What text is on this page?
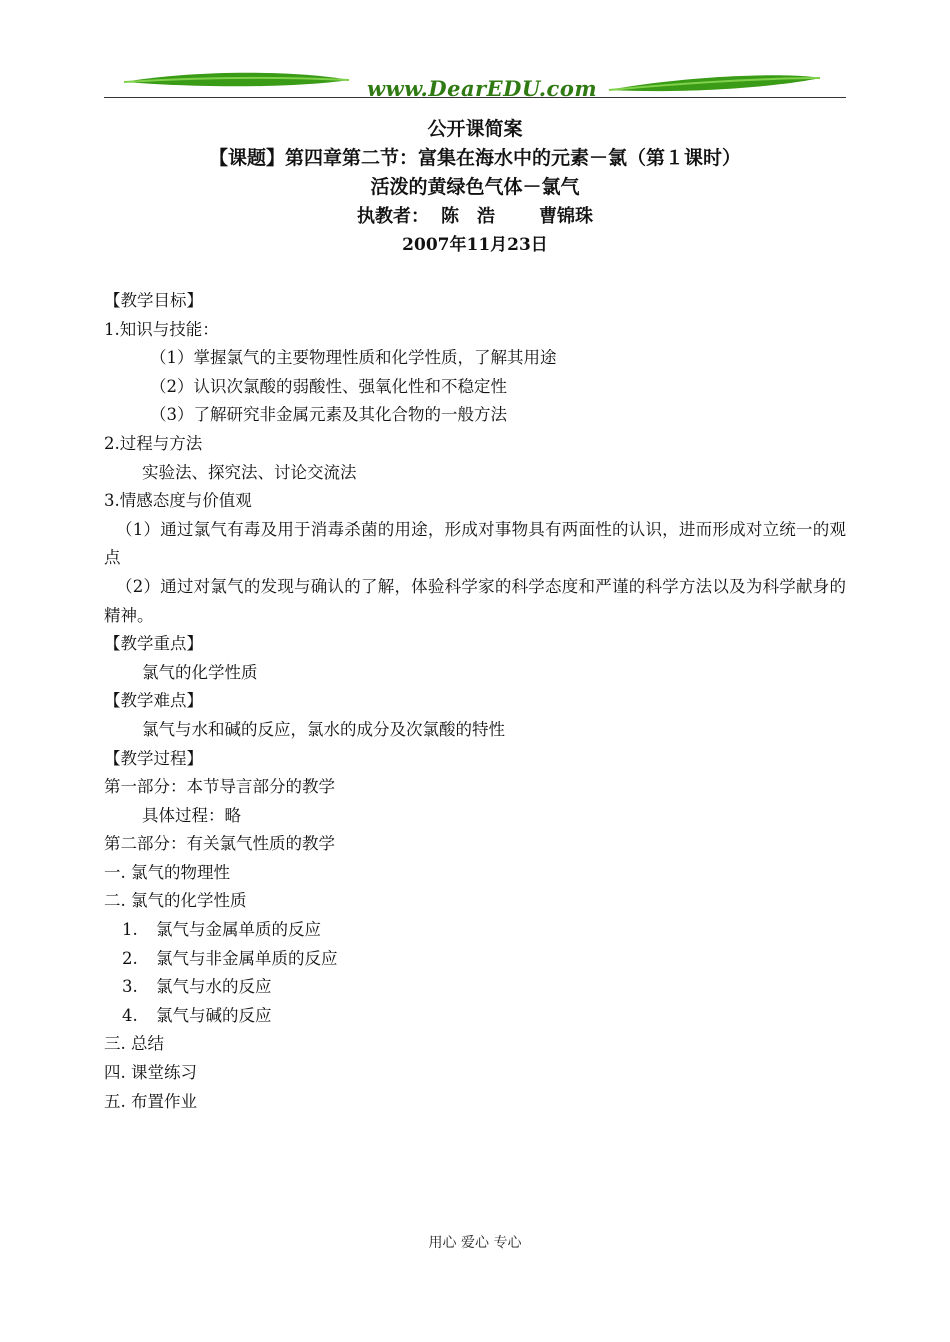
www.DearEDU.com
公开课简案
【课题】第四章第二节：富集在海水中的元素－氯（第１课时）
活泼的黄绿色气体－氯气
执教者： 陈　浩 曹锦珠
2007年11月23日

【教学目标】

1.知识与技能：

（1）掌握氯气的主要物理性质和化学性质，了解其用途

（2）认识次氯酸的弱酸性、强氧化性和不稳定性

（3）了解研究非金属元素及其化合物的一般方法

2.过程与方法

实验法、探究法、讨论交流法

3.情感态度与价值观

（1）通过氯气有毒及用于消毒杀菌的用途，形成对事物具有两面性的认识，进而形成对立统一的观点

（2）通过对氯气的发现与确认的了解，体验科学家的科学态度和严谨的科学方法以及为科学献身的精神。

【教学重点】

氯气的化学性质

【教学难点】

氯气与水和碱的反应，氯水的成分及次氯酸的特性

【教学过程】

第一部分：本节导言部分的教学

具体过程：略

第二部分：有关氯气性质的教学

一. 氯气的物理性

二. 氯气的化学性质

1. 氯气与金属单质的反应

2. 氯气与非金属单质的反应

3. 氯气与水的反应

4. 氯气与碱的反应

三. 总结

四. 课堂练习

五. 布置作业

用心 爱心 专心
